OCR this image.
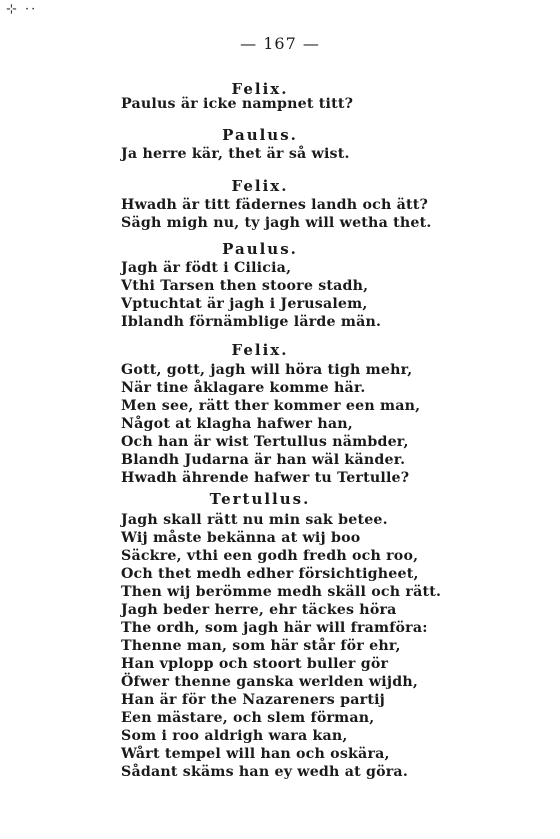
⊹ ··
— 167 —
Felix.
Paulus är icke nampnet titt?
Paulus.
Ja herre kär, thet är så wist.
Felix.
Hwadh är titt fädernes landh och ätt?
Sägh migh nu, ty jagh will wetha thet.
Paulus.
Jagh är födt i Cilicia,
Vthi Tarsen then stoore stadh,
Vptuchtat är jagh i Jerusalem,
Iblandh förnämblige lärde män.
Felix.
Gott, gott, jagh will höra tigh mehr,
När tine åklagare komme här.
Men see, rätt ther kommer een man,
Något at klagha hafwer han,
Och han är wist Tertullus nämbder,
Blandh Judarna är han wäl känder.
Hwadh ährende hafwer tu Tertulle?
Tertullus.
Jagh skall rätt nu min sak betee.
Wij måste bekänna at wij boo
Säckre, vthi een godh fredh och roo,
Och thet medh edher försichtigheet,
Then wij berömme medh skäll och rätt.
Jagh beder herre, ehr täckes höra
The ordh, som jagh här will framföra:
Thenne man, som här står för ehr,
Han vplopp och stoort buller gör
Öfwer thenne ganska werlden wijdh,
Han är för the Nazareners partij
Een mästare, och slem förman,
Som i roo aldrigh wara kan,
Wårt tempel will han och oskära,
Sådant skäms han ey wedh at göra.
